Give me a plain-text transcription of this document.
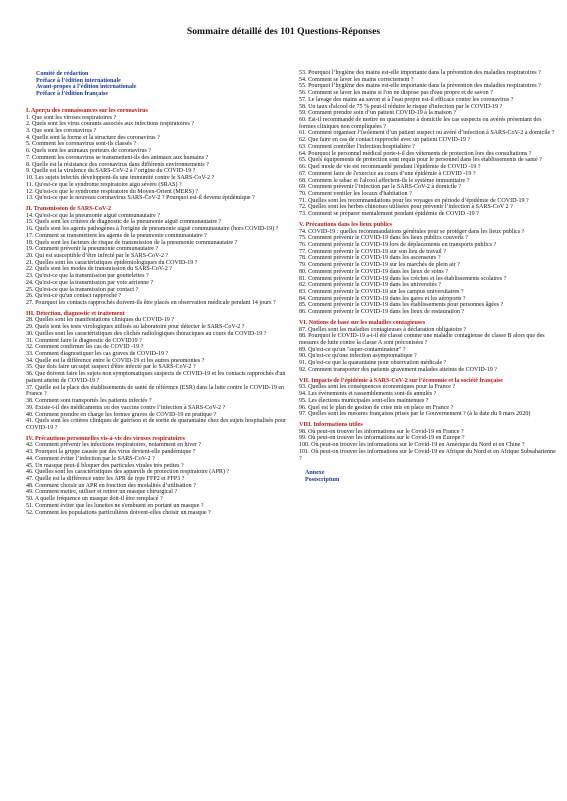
Sommaire détaillé des 101 Questions-Réponses
Comité de rédaction
Préface à l’édition internationale
Avant-propos à l’édition internationale
Préface à l’édition française
I. Aperçu des connaissances sur les coronavirus
1. Que sont les viroses respiratoires ?
2. Quels sont les virus courants associés aux infections respiratoires ?
3. Que sont les coronavirus ?
4. Quelle sont la forme et la structure des coronavirus ?
5. Comment les coronavirus sont-ils classés ?
6. Quels sont les animaux porteurs de coronavirus ?
7. Comment les coronavirus se transmettent-ils des animaux aux humains ?
8. Quelle est la résistance des coronavirus dans différents environnements ?
9. Quelle est la virulence du SARS-CoV-2 à l’origine du COVID-19 ?
10. Les sujets infectés développent-ils une immunité contre le SARS-CoV-2 ?
11. Qu'est-ce que le syndrome respiratoire aigu sévère (SRAS) ?
12. Qu'est-ce que le syndrome respiratoire du Moyen-Orient (MERS) ?
13. Qu'est-ce que le nouveau coronavirus SARS-CoV-2 ? Pourquoi est-il devenu épidémique ?
II. Transmission de SARS-CoV-2
14. Qu'est-ce que la pneumonie aiguë communautaire ?
15. Quels sont les critères de diagnostic de la pneumonie aiguë communautaire ?
16. Quels sont les agents pathogènes à l'origine de pneumonie aiguë communautaire (hors COVID-19) ?
17. Comment se transmettent les agents de la pneumonie communautaire ?
18. Quels sont les facteurs de risque de transmission de la pneumonie communautaire ?
19. Comment prévenir la pneumonie communautaire ?
20. Qui est susceptible d’être infecté par le SARS-CoV-2 ?
21. Quelles sont les caractéristiques épidémiologiques du COVID-19 ?
22. Quels sont les modes de transmission du SARS-CoV-2 ?
23. Qu'est-ce que la transmission par gouttelettes ?
24. Qu'est-ce que la transmission par voie aérienne ?
25. Qu'est-ce que la transmission par contact ?
26. Qu'est-ce qu'un contact rapproché ?
27. Pourquoi les contacts rapprochés doivent-ils être placés en observation médicale pendant 14 jours ?
III. Détection, diagnostic et traitement
28. Quelles sont les manifestations cliniques du COVID-19 ?
29. Quels sont les tests virologiques utilisés au laboratoire pour détecter le SARS-CoV-2 ?
30. Quelles sont les caractéristiques des clichés radiologiques thoraciques au cours du COVID-19 ?
31. Comment faire le diagnostic de COVID19 ?
32. Comment confirmer les cas de COVID -19 ?
33. Comment diagnostiquer les cas graves de COVID-19 ?
34. Quelle est la différence entre le COVID-19 et les autres pneumonies ?
35. Que dois faire un sujet suspect d'être infecté par le SARS-CoV-2 ?
36. Que doivent faire les sujets non symptomatiques suspects de COVID-19 et les contacts rapprochés d'un patient atteint de COVID-19 ?
37. Quelle est la place des établissements de santé de référence (ESR) dans la lutte contre le COVID-19 en France ?
38. Comment sont transportés les patients infectés ?
39. Existe-t-il des médicaments ou des vaccins contre l’infection à SARS-CoV-2 ?
40. Comment prendre en charge les formes graves de COVID-19 en pratique ?
41. Quels sont les critères cliniques de guérison et de sortie de quarantaine chez des sujets hospitalisés pour COVID-19 ?
IV. Précautions personnelles vis-à-vis des viroses respiratoires
42. Comment prévenir les infections respiratoires, notamment en hiver ?
43. Pourquoi la grippe causée par des virus devient-elle pandémique ?
44. Comment éviter l’infection par le SARS-CoV-2 ?
45. Un masque peut-il bloquer des particules virales très petites ?
46. Quelles sont les caractéristiques des appareils de protection respiratoire (APR) ?
47. Quelle est la différence entre les APR de type FFP2 et FFP3 ?
48. Comment choisir un APR en fonction des modalités d’utilisation ?
49. Comment mettre, utiliser et retirer un masque chirurgical ?
50. A quelle fréquence un masque doit-il être remplacé ?
51. Comment éviter que les lunettes ne s'embuent en portant un masque ?
52. Comment les populations particulières doivent-elles choisir un masque ?
53. Pourquoi l’hygiène des mains est-elle importante dans la prévention des maladies respiratoires ?
54. Comment se laver les mains correctement ?
55. Pourquoi l’hygiène des mains est-elle importante dans la prévention des maladies respiratoires ?
56. Comment se laver les mains si l'on ne dispose pas d'eau propre et de savon ?
57. Le lavage des mains au savon et à l'eau propre est-il efficace contre les coronavirus ?
58. Un taux d'alcool de 75 % peut-il réduire le risque d'infection par le COVID-19 ?
59. Comment prendre soin d’un patient COVID-19 à la maison ?
60. Est-il recommandé de mettre en quarantaine à domicile les cas suspects ou avérés présentant des formes cliniques non compliquées ?
61. Comment organiser l’isolement d’un patient suspect ou avéré d’infection à SARS-CoV-2 à domicile ?
62. Que faire en cas de contact rapproché avec un patient COVID-19 ?
63. Comment contrôler l'infection hospitalière ?
64. Pourquoi le personnel médical porte-t-il des vêtements de protection lors des consultations ?
65. Quels équipements de protection sont requis pour le personnel dans les établissements de santé ?
66. Quel mode de vie est recommandé pendant l'épidémie de COVID -19 ?
67. Comment faire de l'exercice au cours d’une épidémie à COVID -19 ?
68. Comment le tabac et l'alcool affectent-ils le système immunitaire ?
69. Comment prévenir l’infection par le SARS-CoV-2 à domicile ?
70. Comment ventiler les locaux d'habitation ?
71. Quelles sont les recommandations pour les voyages en période d’épidémie de COVID-19 ?
72. Quelles sont les herbes chinoises utilisées pour prévenir l’infection à SARS-CoV 2 ?
73. Comment se préparer mentalement pendant épidémie de COVID -19 ?
V. Précautions dans les lieux publics
74. COVID-19 : quelles recommandations générales pour se protéger dans les lieux publics ?
75. Comment prévenir le COVID-19 dans les lieux publics couverts ?
76. Comment prévenir le COVID-19 lors de déplacements en transports publics ?
77. Comment prévenir le COVID-19 sur son lieu de travail ?
78. Comment prévenir le COVID-19 dans les ascenseurs ?
79. Comment prévenir le COVID-19 sur les marchés de plein air ?
80. Comment prévenir le COVID-19 dans les lieux de soins ?
81. Comment prévenir le COVID-19 dans les crèches et les établissements scolaires ?
82. Comment prévenir le COVID-19 dans les universités ?
83. Comment prévenir le COVID-19 sur les campus universitaires ?
84. Comment prévenir le COVID-19 dans les gares et les aéroports ?
85. Comment prévenir le COVID-19 dans les établissements pour personnes âgées ?
86. Comment prévenir le COVID-19 dans les lieux de restauration ?
VI. Notions de base sur les maladies contagieuses
87. Quelles sont les maladies contagieuses à déclaration obligatoire ?
88. Pourquoi le COVID-19 a-t-il été classé comme une maladie contagieuse de classe B alors que des mesures de lutte contre la classe A sont préconisées ?
89. Qu'est-ce qu'un "super-contaminateur" ?
90. Qu'est-ce qu'une infection asymptomatique ?
91. Qu'est-ce que la quarantaine pour observation médicale ?
92. Comment transporter des patients gravement malades atteints de COVID-19 ?
VII. Impacts de l’épidémie à SARS-CoV-2 sur l’économie et la société française
93. Quelles sont les conséquences économiques pour la France ?
94. Les évènements et rassemblements sont-ils annulés ?
95. Les élections municipales sont-elles maintenues ?
96. Quel est le plan de gestion de crise mis en place en France ?
97. Quelles sont les mesures françaises prises par le Gouvernement ? (à la date du 9 mars 2020)
VIII. Informations utiles
98. Où peut-on trouver les informations sur le Covid-19 en France ?
99. Où peut-on trouver les informations sur le Covid-19 en Europe ?
100. Où peut-on trouver les informations sur le Covid-19 en Amérique du Nord et en Chine ?
101. Où peut-on trouver les informations sur le Covid-19 en Afrique du Nord et en Afrique Subsaharienne ?
Annexe
Postscriptum
